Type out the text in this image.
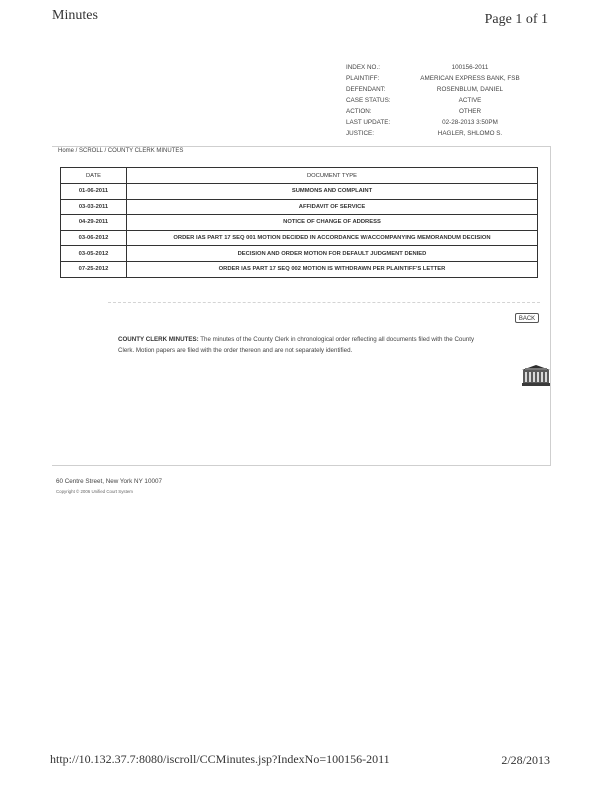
Minutes	Page 1 of 1
INDEX NO.:	100156-2011
PLAINTIFF:	AMERICAN EXPRESS BANK, FSB
DEFENDANT:	ROSENBLUM, DANIEL
CASE STATUS:	ACTIVE
ACTION:	OTHER
LAST UPDATE:	02-28-2013 3:50PM
JUSTICE:	HAGLER, SHLOMO S.
Home / SCROLL / COUNTY CLERK MINUTES
DATE	DOCUMENT TYPE
01-06-2011	SUMMONS AND COMPLAINT
03-03-2011	AFFIDAVIT OF SERVICE
04-29-2011	NOTICE OF CHANGE OF ADDRESS
03-06-2012	ORDER IAS PART 17 SEQ 001 MOTION DECIDED IN ACCORDANCE W/ACCOMPANYING MEMORANDUM DECISION
03-05-2012	DECISION AND ORDER MOTION FOR DEFAULT JUDGMENT DENIED
07-25-2012	ORDER IAS PART 17 SEQ 002 MOTION IS WITHDRAWN PER PLAINTIFF'S LETTER
BACK
COUNTY CLERK MINUTES: The minutes of the County Clerk in chronological order reflecting all documents filed with the County Clerk. Motion papers are filed with the order thereon and are not separately identified.
60 Centre Street, New York NY 10007
Copyright © 2006 Unified Court System
http://10.132.37.7:8080/iscroll/CCMinutes.jsp?IndexNo=100156-2011	2/28/2013
